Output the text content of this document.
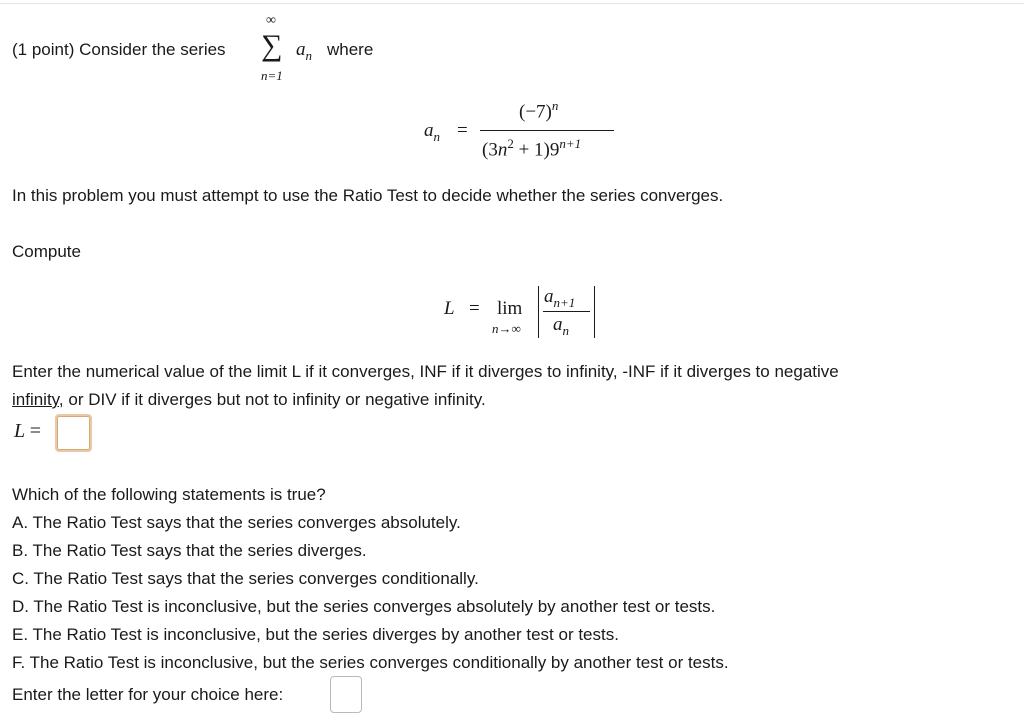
(1 point) Consider the series
∞
∑
n=1
$a_n$ where
$a_n$ =
$(-7)^n$
$(3n^2 + 1)9^{n+1}$
In this problem you must attempt to use the Ratio Test to decide whether the series converges.
Compute
L = lim
n→∞
$a_{n+1}$
$a_n$
Enter the numerical value of the limit L if it converges, INF if it diverges to infinity, -INF if it diverges to negative
infinity, or DIV if it diverges but not to infinity or negative infinity.
L =
Which of the following statements is true?
A. The Ratio Test says that the series converges absolutely.
B. The Ratio Test says that the series diverges.
C. The Ratio Test says that the series converges conditionally.
D. The Ratio Test is inconclusive, but the series converges absolutely by another test or tests.
E. The Ratio Test is inconclusive, but the series diverges by another test or tests.
F. The Ratio Test is inconclusive, but the series converges conditionally by another test or tests.
Enter the letter for your choice here:
